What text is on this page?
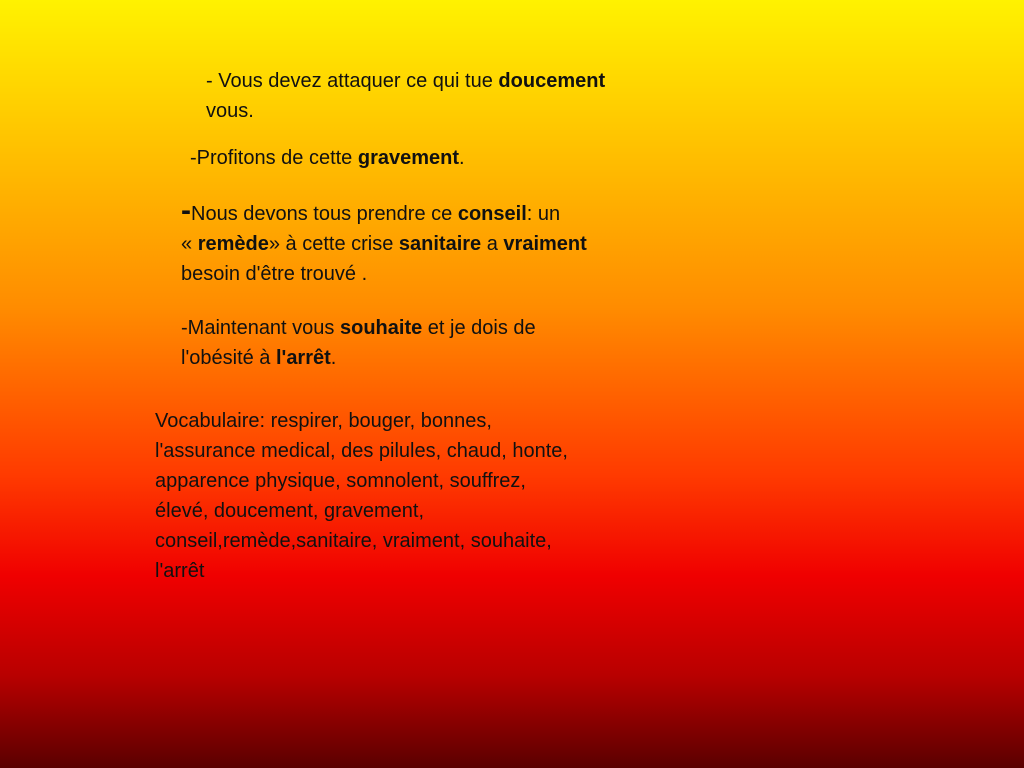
- Vous devez attaquer ce qui tue doucement
vous.
-Profitons de cette gravement.
-Nous devons tous prendre ce conseil: un
« remède» à cette crise sanitaire a vraiment
besoin d'être trouvé .
-Maintenant vous souhaite et je dois de
l'obésité à l'arrêt.
Vocabulaire: respirer, bouger, bonnes,
l'assurance medical, des pilules, chaud, honte,
apparence physique, somnolent, souffrez,
élevé, doucement, gravement,
conseil,remède,sanitaire, vraiment, souhaite,
l'arrêt
